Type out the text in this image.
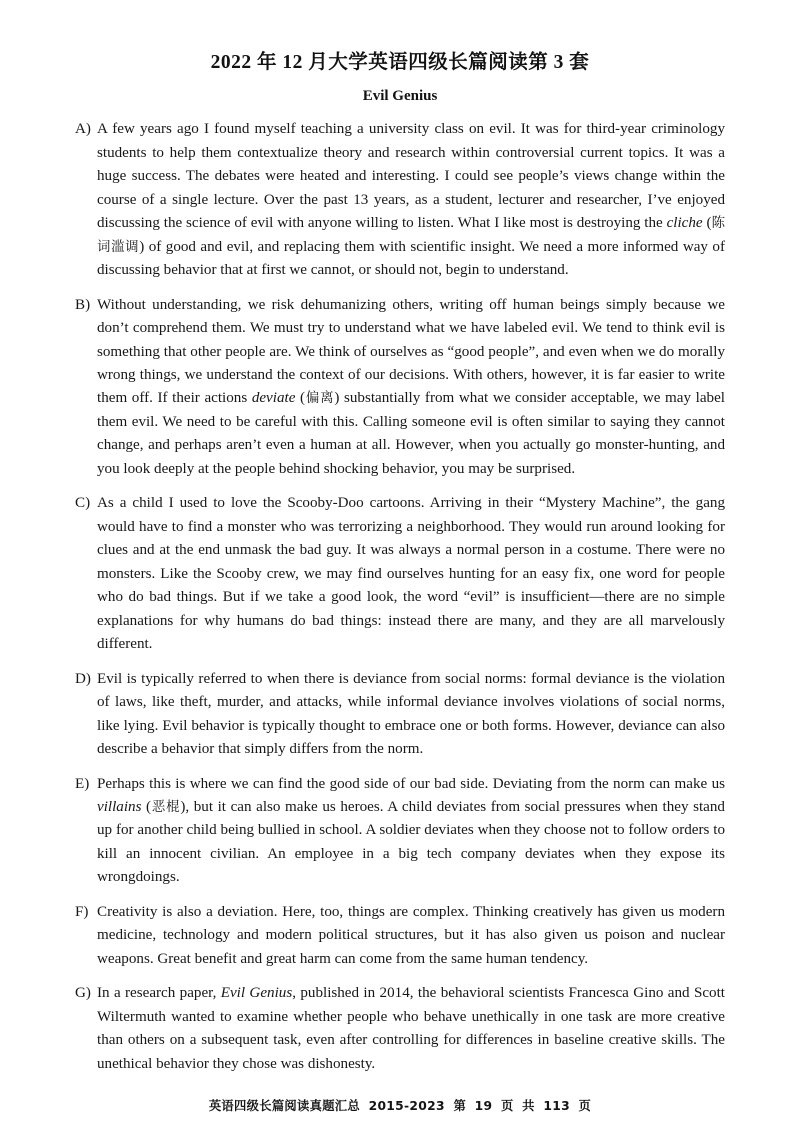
2022 年 12 月大学英语四级长篇阅读第 3 套
Evil Genius
A) A few years ago I found myself teaching a university class on evil. It was for third-year criminology students to help them contextualize theory and research within controversial current topics. It was a huge success. The debates were heated and interesting. I could see people’s views change within the course of a single lecture. Over the past 13 years, as a student, lecturer and researcher, I’ve enjoyed discussing the science of evil with anyone willing to listen. What I like most is destroying the cliche (陈词滥调) of good and evil, and replacing them with scientific insight. We need a more informed way of discussing behavior that at first we cannot, or should not, begin to understand.
B) Without understanding, we risk dehumanizing others, writing off human beings simply because we don’t comprehend them. We must try to understand what we have labeled evil. We tend to think evil is something that other people are. We think of ourselves as “good people”, and even when we do morally wrong things, we understand the context of our decisions. With others, however, it is far easier to write them off. If their actions deviate (偏离) substantially from what we consider acceptable, we may label them evil. We need to be careful with this. Calling someone evil is often similar to saying they cannot change, and perhaps aren’t even a human at all. However, when you actually go monster-hunting, and you look deeply at the people behind shocking behavior, you may be surprised.
C) As a child I used to love the Scooby-Doo cartoons. Arriving in their “Mystery Machine”, the gang would have to find a monster who was terrorizing a neighborhood. They would run around looking for clues and at the end unmask the bad guy. It was always a normal person in a costume. There were no monsters. Like the Scooby crew, we may find ourselves hunting for an easy fix, one word for people who do bad things. But if we take a good look, the word “evil” is insufficient—there are no simple explanations for why humans do bad things: instead there are many, and they are all marvelously different.
D) Evil is typically referred to when there is deviance from social norms: formal deviance is the violation of laws, like theft, murder, and attacks, while informal deviance involves violations of social norms, like lying. Evil behavior is typically thought to embrace one or both forms. However, deviance can also describe a behavior that simply differs from the norm.
E) Perhaps this is where we can find the good side of our bad side. Deviating from the norm can make us villains (恶棍), but it can also make us heroes. A child deviates from social pressures when they stand up for another child being bullied in school. A soldier deviates when they choose not to follow orders to kill an innocent civilian. An employee in a big tech company deviates when they expose its wrongdoings.
F) Creativity is also a deviation. Here, too, things are complex. Thinking creatively has given us modern medicine, technology and modern political structures, but it has also given us poison and nuclear weapons. Great benefit and great harm can come from the same human tendency.
G) In a research paper, Evil Genius, published in 2014, the behavioral scientists Francesca Gino and Scott Wiltermuth wanted to examine whether people who behave unethically in one task are more creative than others on a subsequent task, even after controlling for differences in baseline creative skills. The unethical behavior they chose was dishonesty.
英语四级长篇阅读真题汇总 2015-2023 第 19 页 共 113 页
